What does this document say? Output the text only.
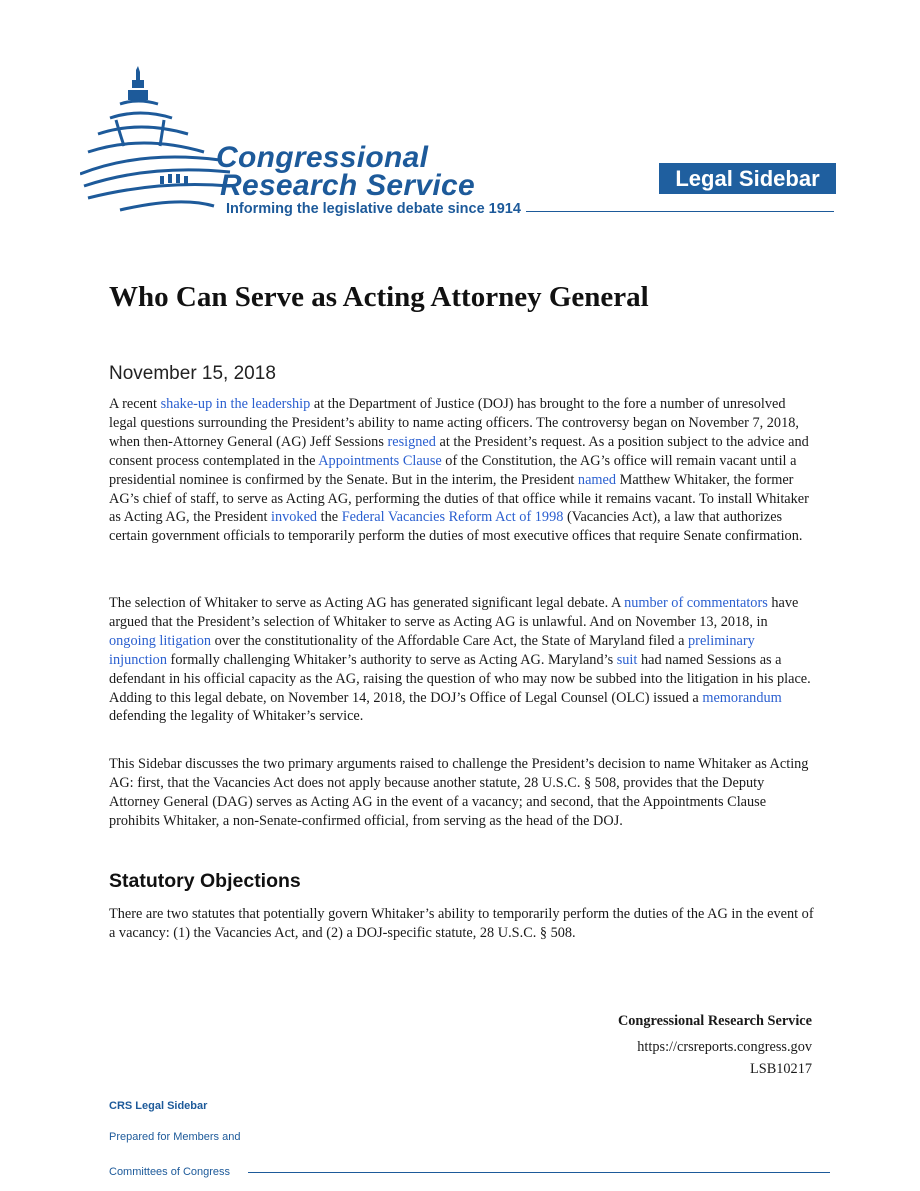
Congressional
Research Service
Informing the legislative debate since 1914
Legal Sidebar
Who Can Serve as Acting Attorney General
November 15, 2018

A recent shake-up in the leadership at the Department of Justice (DOJ) has brought to the fore a number of unresolved legal questions surrounding the President’s ability to name acting officers. The controversy began on November 7, 2018, when then-Attorney General (AG) Jeff Sessions resigned at the President’s request. As a position subject to the advice and consent process contemplated in the Appointments Clause of the Constitution, the AG’s office will remain vacant until a presidential nominee is confirmed by the Senate. But in the interim, the President named Matthew Whitaker, the former AG’s chief of staff, to serve as Acting AG, performing the duties of that office while it remains vacant. To install Whitaker as Acting AG, the President invoked the Federal Vacancies Reform Act of 1998 (Vacancies Act), a law that authorizes certain government officials to temporarily perform the duties of most executive offices that require Senate confirmation.

The selection of Whitaker to serve as Acting AG has generated significant legal debate. A number of commentators have argued that the President’s selection of Whitaker to serve as Acting AG is unlawful. And on November 13, 2018, in ongoing litigation over the constitutionality of the Affordable Care Act, the State of Maryland filed a preliminary injunction formally challenging Whitaker’s authority to serve as Acting AG. Maryland’s suit had named Sessions as a defendant in his official capacity as the AG, raising the question of who may now be subbed into the litigation in his place. Adding to this legal debate, on November 14, 2018, the DOJ’s Office of Legal Counsel (OLC) issued a memorandum defending the legality of Whitaker’s service.

This Sidebar discusses the two primary arguments raised to challenge the President’s decision to name Whitaker as Acting AG: first, that the Vacancies Act does not apply because another statute, 28 U.S.C. § 508, provides that the Deputy Attorney General (DAG) serves as Acting AG in the event of a vacancy; and second, that the Appointments Clause prohibits Whitaker, a non-Senate-confirmed official, from serving as the head of the DOJ.

Statutory Objections

There are two statutes that potentially govern Whitaker’s ability to temporarily perform the duties of the AG in the event of a vacancy: (1) the Vacancies Act, and (2) a DOJ-specific statute, 28 U.S.C. § 508.

Congressional Research Service
https://crsreports.congress.gov
LSB10217
CRS Legal Sidebar
Prepared for Members and
Committees of Congress
